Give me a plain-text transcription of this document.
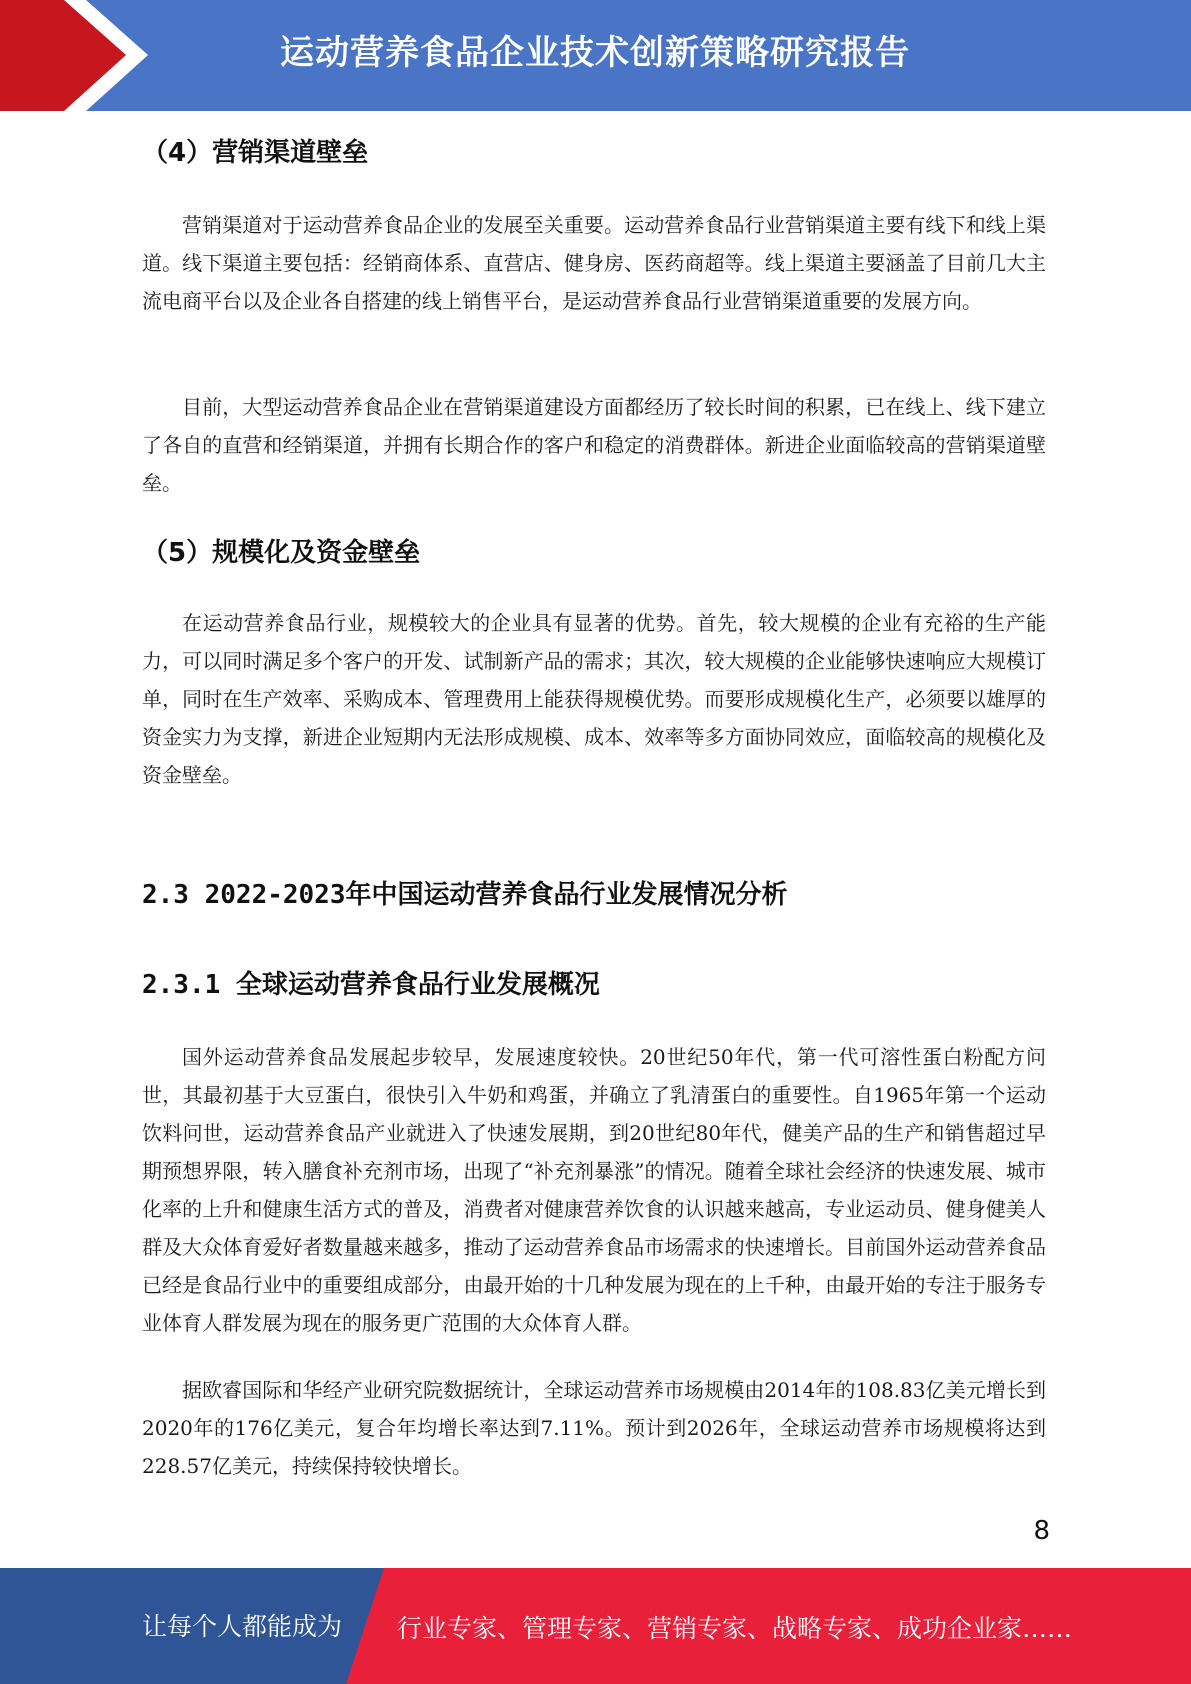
运动营养食品企业技术创新策略研究报告
（4）营销渠道壁垒
营销渠道对于运动营养食品企业的发展至关重要。运动营养食品行业营销渠道主要有线下和线上渠道。线下渠道主要包括：经销商体系、直营店、健身房、医药商超等。线上渠道主要涵盖了目前几大主流电商平台以及企业各自搭建的线上销售平台，是运动营养食品行业营销渠道重要的发展方向。
目前，大型运动营养食品企业在营销渠道建设方面都经历了较长时间的积累，已在线上、线下建立了各自的直营和经销渠道，并拥有长期合作的客户和稳定的消费群体。新进企业面临较高的营销渠道壁垒。
（5）规模化及资金壁垒
在运动营养食品行业，规模较大的企业具有显著的优势。首先，较大规模的企业有充裕的生产能力，可以同时满足多个客户的开发、试制新产品的需求；其次，较大规模的企业能够快速响应大规模订单，同时在生产效率、采购成本、管理费用上能获得规模优势。而要形成规模化生产，必须要以雄厚的资金实力为支撑，新进企业短期内无法形成规模、成本、效率等多方面协同效应，面临较高的规模化及资金壁垒。
2.3 2022-2023年中国运动营养食品行业发展情况分析
2.3.1 全球运动营养食品行业发展概况
国外运动营养食品发展起步较早，发展速度较快。20世纪50年代，第一代可溶性蛋白粉配方问世，其最初基于大豆蛋白，很快引入牛奶和鸡蛋，并确立了乳清蛋白的重要性。自1965年第一个运动饮料问世，运动营养食品产业就进入了快速发展期，到20世纪80年代，健美产品的生产和销售超过早期预想界限，转入膳食补充剂市场，出现了“补充剂暴涨”的情况。随着全球社会经济的快速发展、城市化率的上升和健康生活方式的普及，消费者对健康营养饮食的认识越来越高，专业运动员、健身健美人群及大众体育爱好者数量越来越多，推动了运动营养食品市场需求的快速增长。目前国外运动营养食品已经是食品行业中的重要组成部分，由最开始的十几种发展为现在的上千种，由最开始的专注于服务专业体育人群发展为现在的服务更广范围的大众体育人群。
据欧睿国际和华经产业研究院数据统计，全球运动营养市场规模由2014年的108.83亿美元增长到2020年的176亿美元，复合年均增长率达到7.11%。预计到2026年，全球运动营养市场规模将达到228.57亿美元，持续保持较快增长。
8
让每个人都能成为 行业专家、管理专家、营销专家、战略专家、成功企业家……
